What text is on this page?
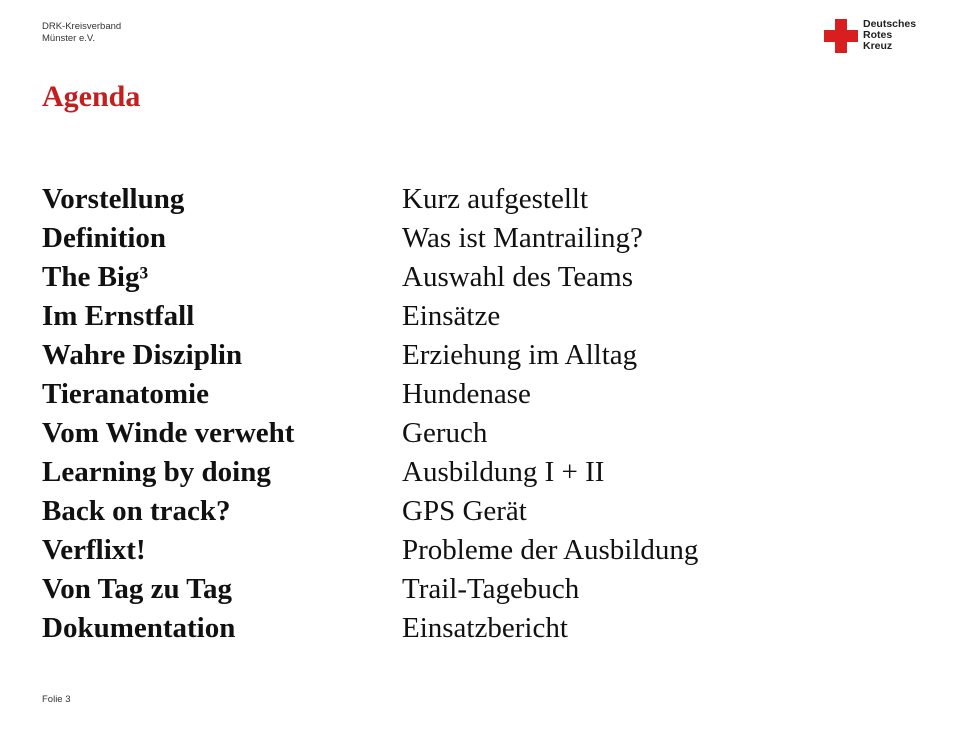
DRK-Kreisverband
Münster e.V.
Deutsches
Rotes
Kreuz
Agenda
Vorstellung	Kurz aufgestellt
Definition	Was ist Mantrailing?
The Big³	Auswahl des Teams
Im Ernstfall	Einsätze
Wahre Disziplin	Erziehung im Alltag
Tieranatomie	Hundenase
Vom Winde verweht	Geruch
Learning by doing	Ausbildung I + II
Back on track?	GPS Gerät
Verflixt!	Probleme der Ausbildung
Von Tag zu Tag	Trail-Tagebuch
Dokumentation	Einsatzbericht
Folie 3
